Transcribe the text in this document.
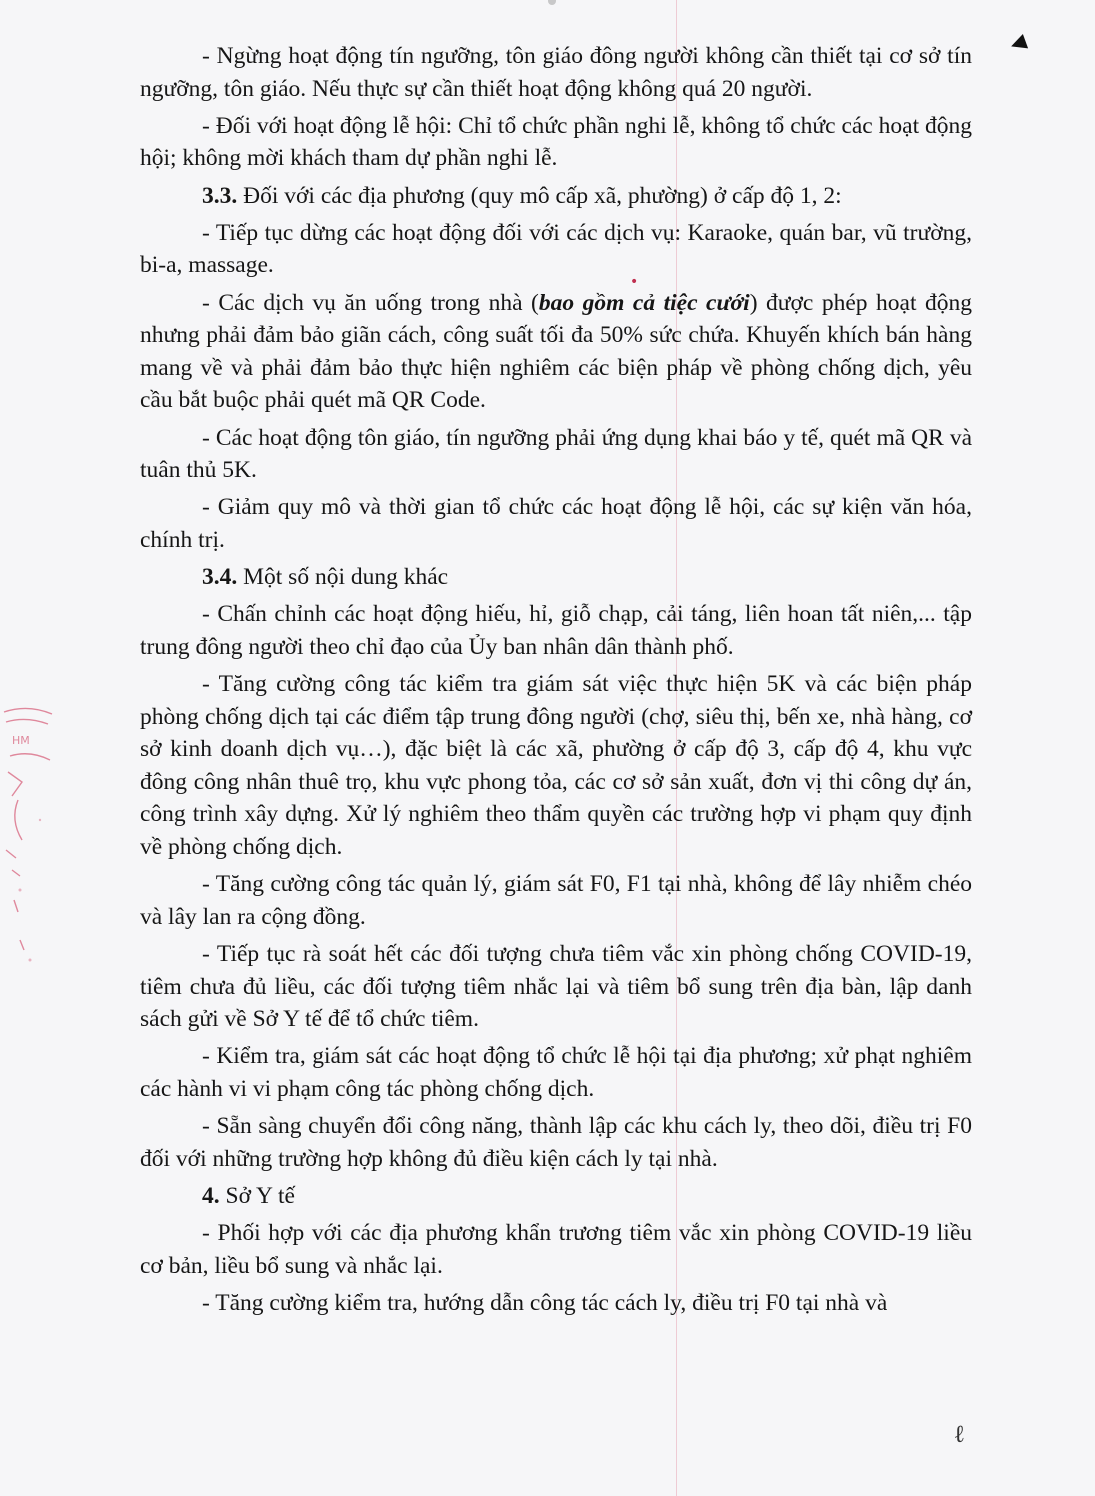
◀
•
ℓ
HM

- Ngừng hoạt động tín ngưỡng, tôn giáo đông người không cần thiết tại cơ sở tín ngưỡng, tôn giáo. Nếu thực sự cần thiết hoạt động không quá 20 người.

- Đối với hoạt động lễ hội: Chỉ tổ chức phần nghi lễ, không tổ chức các hoạt động hội; không mời khách tham dự phần nghi lễ.

3.3. Đối với các địa phương (quy mô cấp xã, phường) ở cấp độ 1, 2:

- Tiếp tục dừng các hoạt động đối với các dịch vụ: Karaoke, quán bar, vũ trường, bi-a, massage.

- Các dịch vụ ăn uống trong nhà (bao gồm cả tiệc cưới) được phép hoạt động nhưng phải đảm bảo giãn cách, công suất tối đa 50% sức chứa. Khuyến khích bán hàng mang về và phải đảm bảo thực hiện nghiêm các biện pháp về phòng chống dịch, yêu cầu bắt buộc phải quét mã QR Code.

- Các hoạt động tôn giáo, tín ngưỡng phải ứng dụng khai báo y tế, quét mã QR và tuân thủ 5K.

- Giảm quy mô và thời gian tổ chức các hoạt động lễ hội, các sự kiện văn hóa, chính trị.

3.4. Một số nội dung khác

- Chấn chỉnh các hoạt động hiếu, hỉ, giỗ chạp, cải táng, liên hoan tất niên,... tập trung đông người theo chỉ đạo của Ủy ban nhân dân thành phố.

- Tăng cường công tác kiểm tra giám sát việc thực hiện 5K và các biện pháp phòng chống dịch tại các điểm tập trung đông người (chợ, siêu thị, bến xe, nhà hàng, cơ sở kinh doanh dịch vụ…), đặc biệt là các xã, phường ở cấp độ 3, cấp độ 4, khu vực đông công nhân thuê trọ, khu vực phong tỏa, các cơ sở sản xuất, đơn vị thi công dự án, công trình xây dựng. Xử lý nghiêm theo thẩm quyền các trường hợp vi phạm quy định về phòng chống dịch.

- Tăng cường công tác quản lý, giám sát F0, F1 tại nhà, không để lây nhiễm chéo và lây lan ra cộng đồng.

- Tiếp tục rà soát hết các đối tượng chưa tiêm vắc xin phòng chống COVID-19, tiêm chưa đủ liều, các đối tượng tiêm nhắc lại và tiêm bổ sung trên địa bàn, lập danh sách gửi về Sở Y tế để tổ chức tiêm.

- Kiểm tra, giám sát các hoạt động tổ chức lễ hội tại địa phương; xử phạt nghiêm các hành vi vi phạm công tác phòng chống dịch.

- Sẵn sàng chuyển đổi công năng, thành lập các khu cách ly, theo dõi, điều trị F0 đối với những trường hợp không đủ điều kiện cách ly tại nhà.

4. Sở Y tế

- Phối hợp với các địa phương khẩn trương tiêm vắc xin phòng COVID-19 liều cơ bản, liều bổ sung và nhắc lại.

- Tăng cường kiểm tra, hướng dẫn công tác cách ly, điều trị F0 tại nhà và
